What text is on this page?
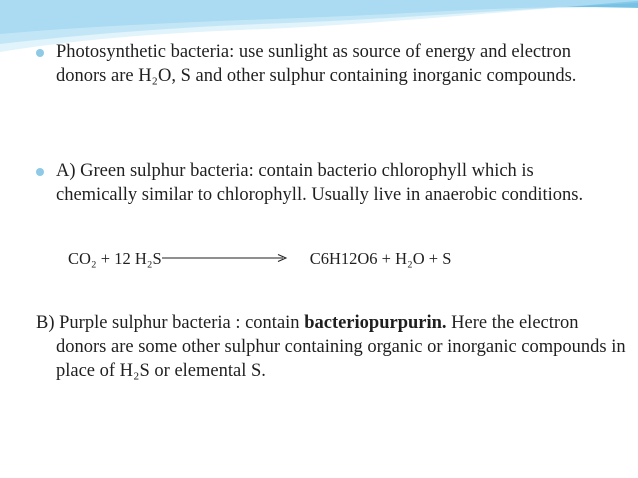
Photosynthetic bacteria: use sunlight as source of energy and electron donors are H₂O, S and other sulphur containing inorganic compounds.

A) Green sulphur bacteria: contain bacterio chlorophyll which is chemically similar to chlorophyll. Usually live in anaerobic conditions.

CO₂ + 12 H₂S	C6H12O6 + H₂O + S

B) Purple sulphur bacteria : contain bacteriopurpurin. Here the electron donors are some other sulphur containing organic or inorganic compounds in place of H₂S or elemental S.
